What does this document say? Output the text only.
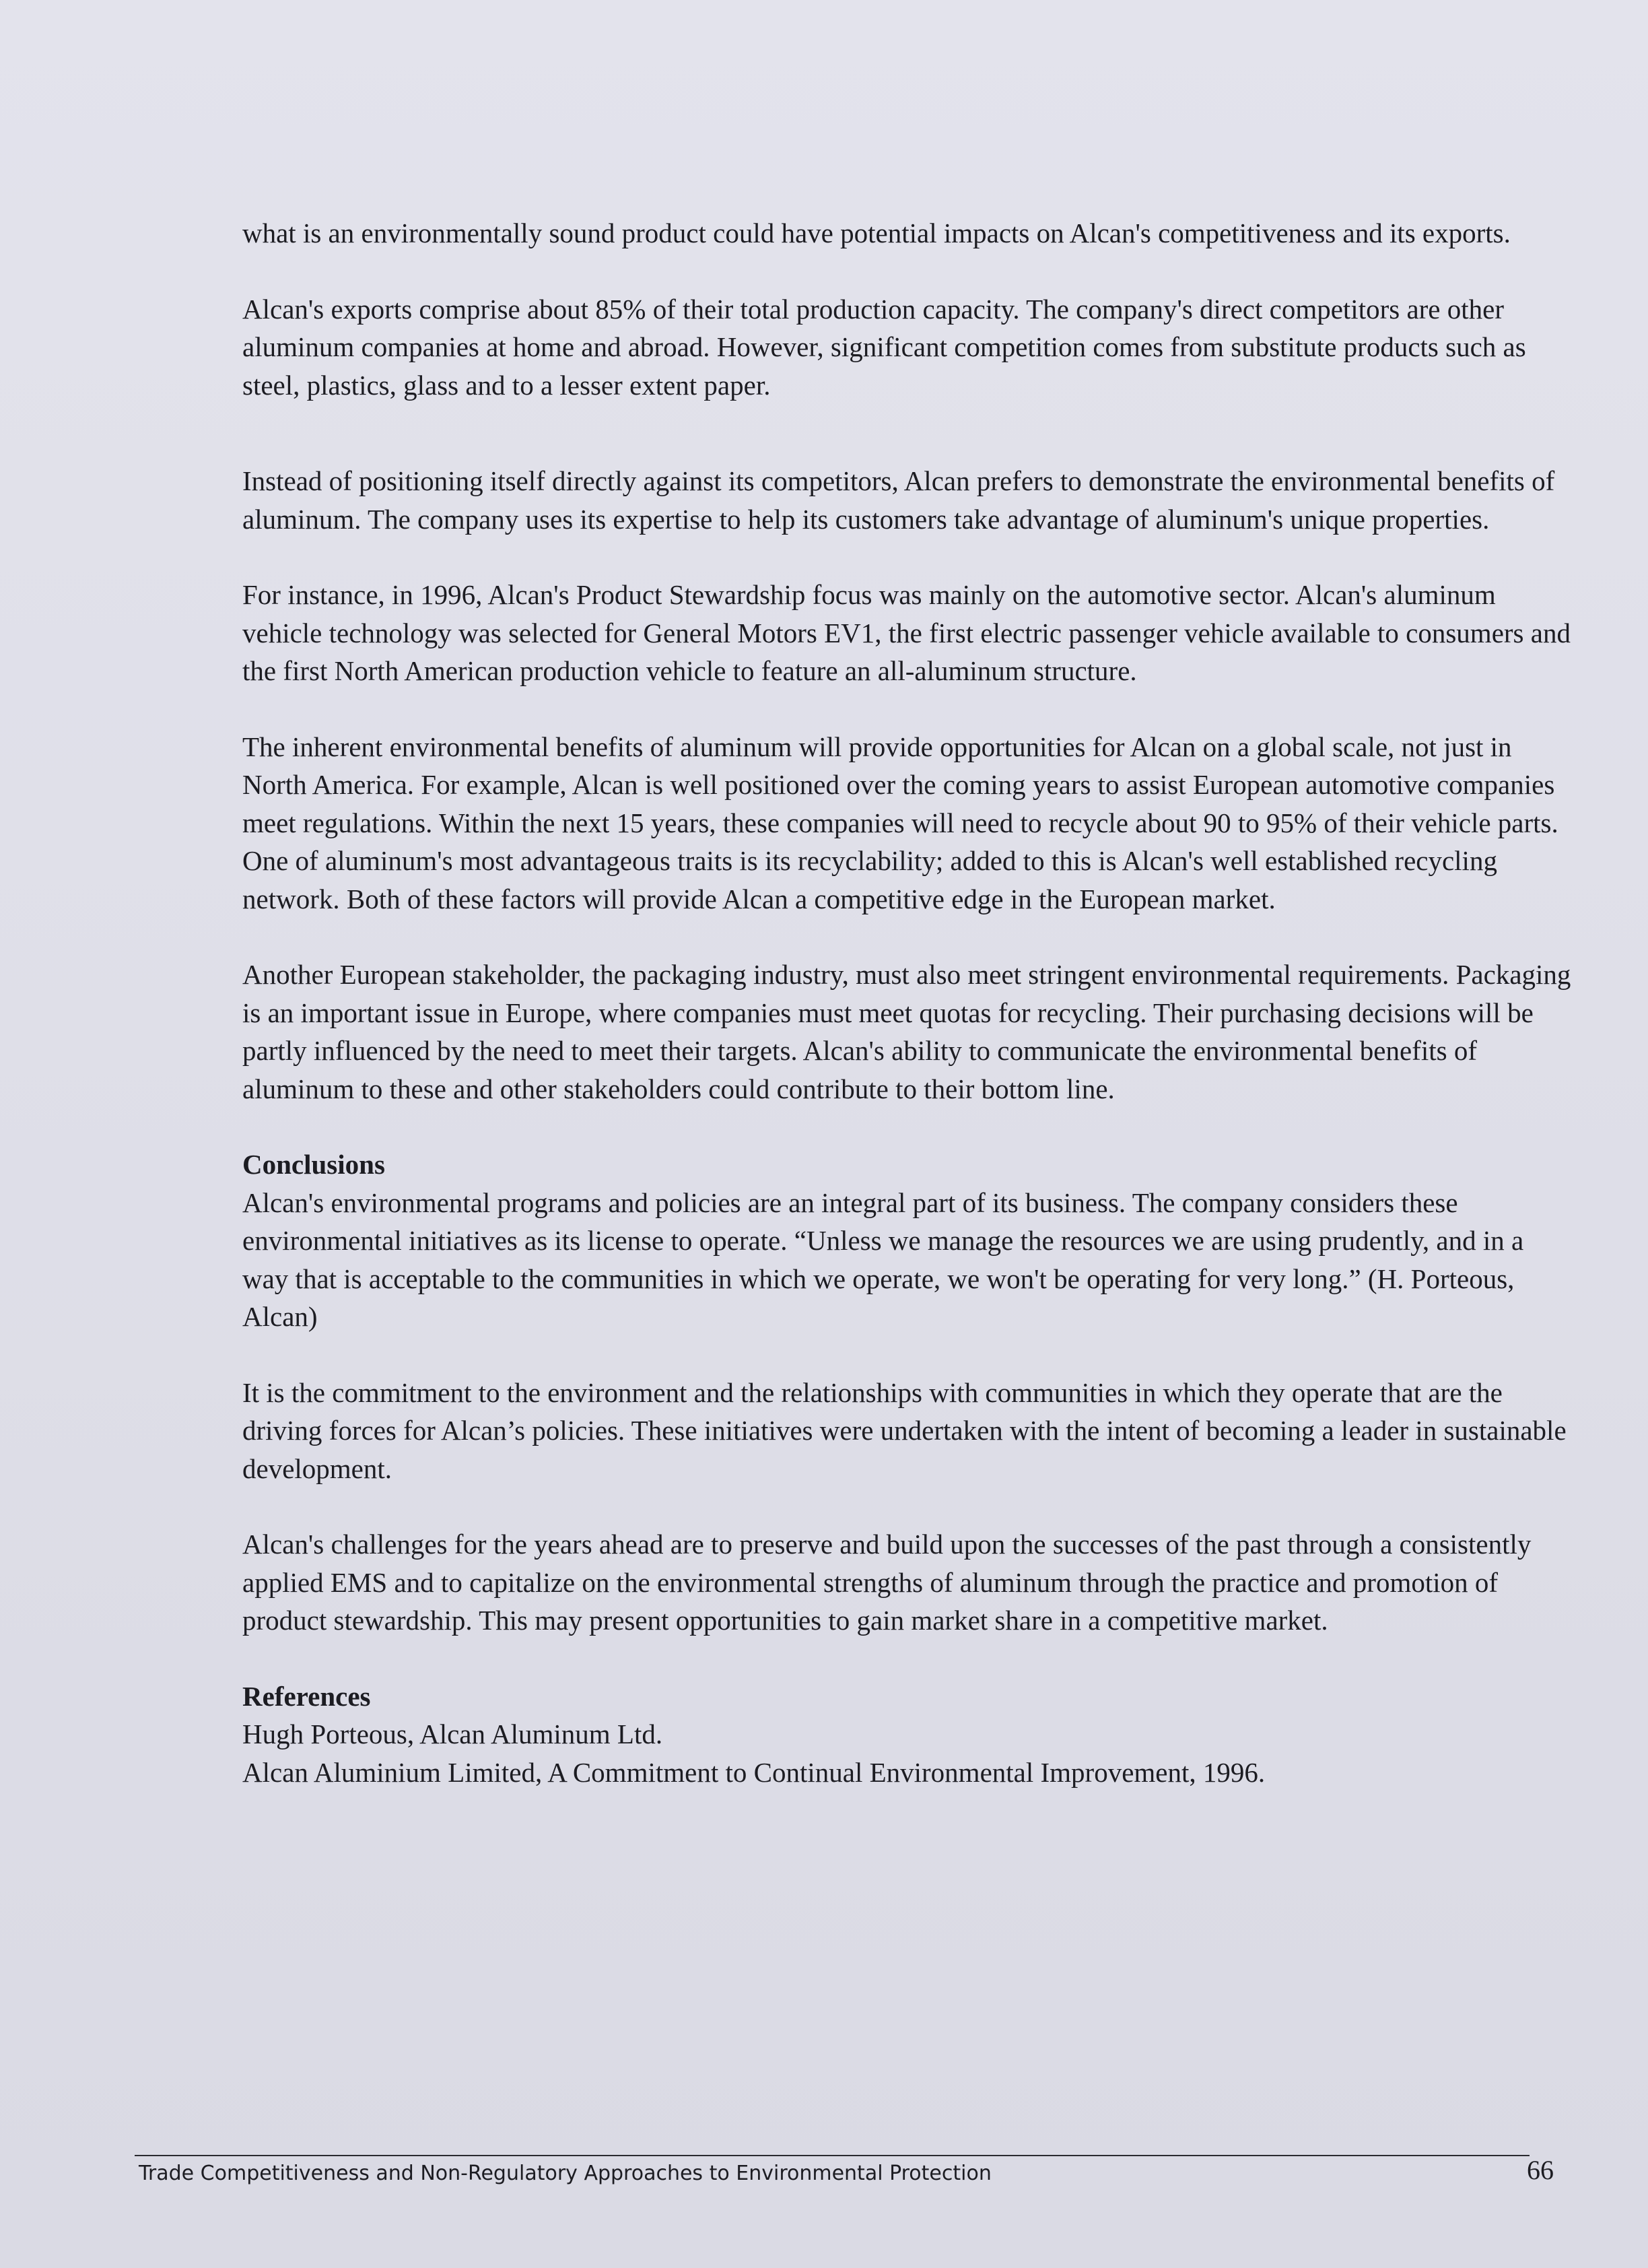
what is an environmentally sound product could have potential impacts on Alcan's competitiveness and its exports.

Alcan's exports comprise about 85% of their total production capacity. The company's direct competitors are other aluminum companies at home and abroad. However, significant competition comes from substitute products such as steel, plastics, glass and to a lesser extent paper.

Instead of positioning itself directly against its competitors, Alcan prefers to demonstrate the environmental benefits of aluminum. The company uses its expertise to help its customers take advantage of aluminum's unique properties.

For instance, in 1996, Alcan's Product Stewardship focus was mainly on the automotive sector. Alcan's aluminum vehicle technology was selected for General Motors EV1, the first electric passenger vehicle available to consumers and the first North American production vehicle to feature an all-aluminum structure.

The inherent environmental benefits of aluminum will provide opportunities for Alcan on a global scale, not just in North America. For example, Alcan is well positioned over the coming years to assist European automotive companies meet regulations. Within the next 15 years, these companies will need to recycle about 90 to 95% of their vehicle parts. One of aluminum's most advantageous traits is its recyclability; added to this is Alcan's well established recycling network. Both of these factors will provide Alcan a competitive edge in the European market.

Another European stakeholder, the packaging industry, must also meet stringent environmental requirements. Packaging is an important issue in Europe, where companies must meet quotas for recycling. Their purchasing decisions will be partly influenced by the need to meet their targets. Alcan's ability to communicate the environmental benefits of aluminum to these and other stakeholders could contribute to their bottom line.

Conclusions

Alcan's environmental programs and policies are an integral part of its business. The company considers these environmental initiatives as its license to operate. “Unless we manage the resources we are using prudently, and in a way that is acceptable to the communities in which we operate, we won't be operating for very long.” (H. Porteous, Alcan)

It is the commitment to the environment and the relationships with communities in which they operate that are the driving forces for Alcan’s policies. These initiatives were undertaken with the intent of becoming a leader in sustainable development.

Alcan's challenges for the years ahead are to preserve and build upon the successes of the past through a consistently applied EMS and to capitalize on the environmental strengths of aluminum through the practice and promotion of product stewardship. This may present opportunities to gain market share in a competitive market.

References

Hugh Porteous, Alcan Aluminum Ltd.

Alcan Aluminium Limited, A Commitment to Continual Environmental Improvement, 1996.

Trade Competitiveness and Non-Regulatory Approaches to Environmental Protection	66
